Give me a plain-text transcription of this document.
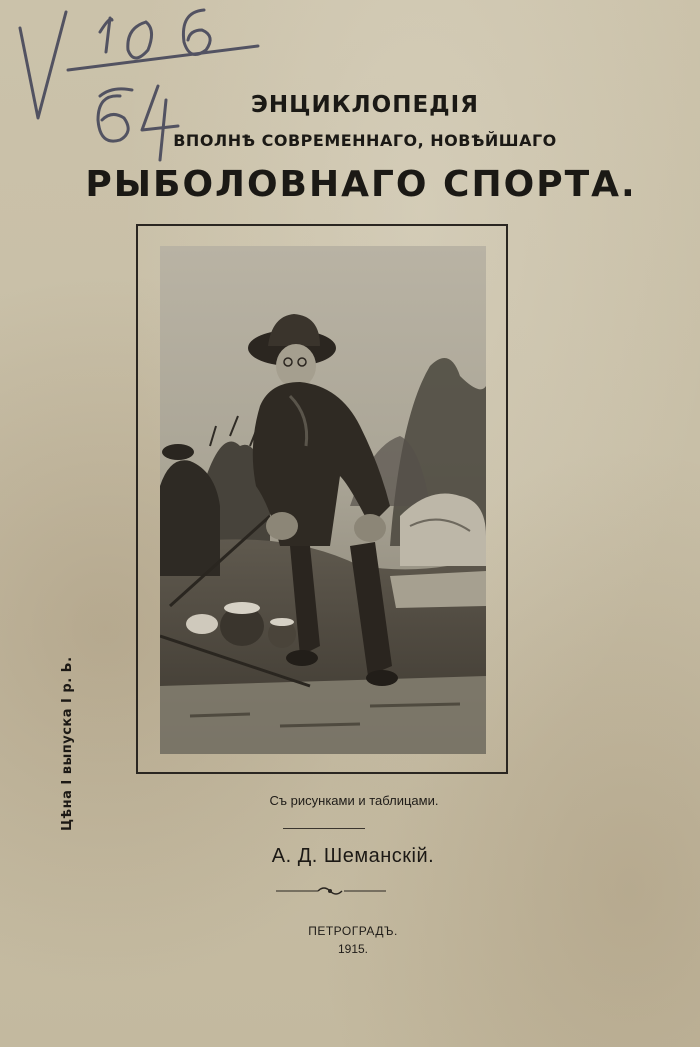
ЭНЦИКЛОПЕДІЯ
ВПОЛНѢ СОВРЕМЕННАГО, НОВѢЙШАГО
РЫБОЛОВНАГО СПОРТА.
Съ рисунками и таблицами.
А. Д. Шеманскій.
ПЕТРОГРАДЪ.
1915.
Цѣна I выпуска I р. Ь.
